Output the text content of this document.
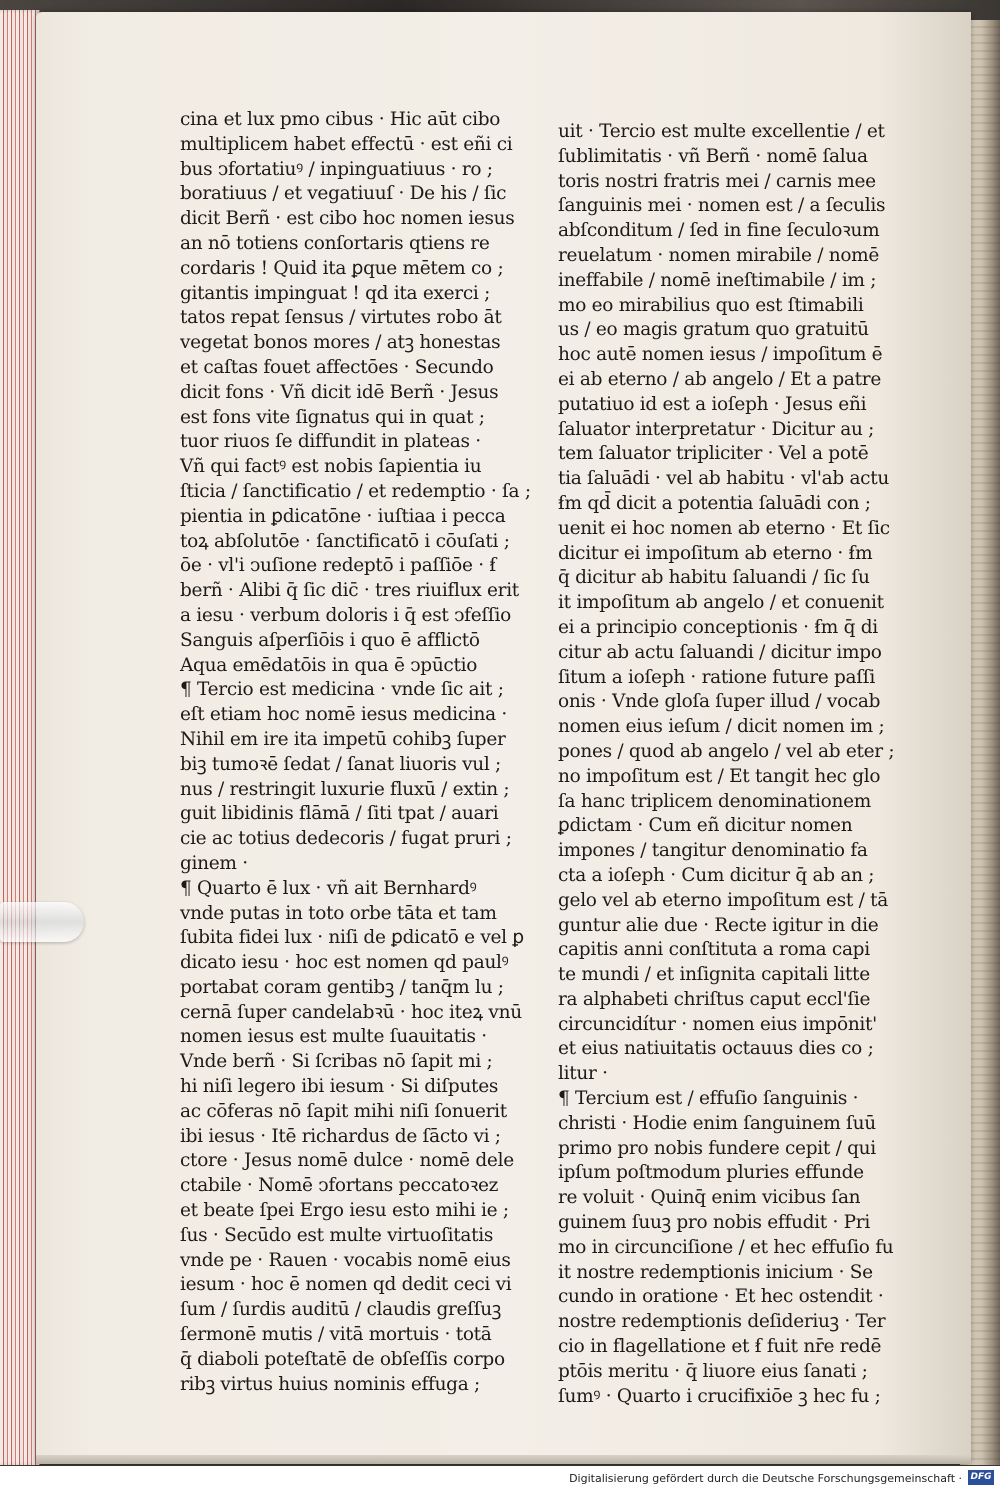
cina et lux pmo cibus · Hic aūt cibo
multiplicem habet effectū · est eñi ci
bus ↄfortatiuꝰ / inpinguatiuus · ro ;
boratiuus / et vegatiuuſ · De his / ſic
dicit Berñ · est cibo hoc nomen iesus
an nō totiens conſortaris qtiens re
cordaris ! Quid ita ꝑque mētem co ;
gitantis impinguat ! qd ita exerci ;
tatos repat ſensus / virtutes robo āt
vegetat bonos mores / atꝫ honestas
et caſtas fouet affectōes · Secundo
dicit fons · Vñ dicit idē Berñ · Jesus
est fons vite ſignatus qui in quat ;
tuor riuos ſe diffundit in plateas ·
Vñ qui factꝰ est nobis ſapientia iu
ſticia / ſanctificatio / et redemptio · ſa ;
pientia in ꝑdicatōne · iuſtiaa i pecca
toꝝ abſolutōe · ſanctificatō i cōuſati ;
ōe · vl'i ↄuſione redeptō i paſſiōe · ẜ
berñ · Alibi q̄ ſic dic̄ · tres riuiflux erit
a iesu · verbum doloris i q̄ est ↄfeſſio
Sanguis aſperſiōis i quo ē afflictō
Aqua emēdatōis in qua ē ↄpūctio
¶ Tercio est medicina · vnde ſic ait ;
eſt etiam hoc nomē iesus medicina ·
Nihil em ire ita impetū cohibꝫ ſuper
biꝫ tumoꝛē ſedat / ſanat liuoris vul ;
nus / restringit luxurie fluxū / extin ;
guit libidinis flāmā / ſiti tpat / auari
cie ac totius dedecoris / fugat pruri ;
ginem ·
¶ Quarto ē lux · vñ ait Bernhardꝰ
vnde putas in toto orbe tāta et tam
ſubita fidei lux · niſi de ꝑdicatō e vel ꝑ
dicato iesu · hoc est nomen qd paulꝰ
portabat coram gentibꝫ / tanq̄m lu ;
cernā ſuper candelabꝛū · hoc iteꝝ vnū
nomen iesus est multe ſuauitatis ·
Vnde berñ · Si ſcribas nō ſapit mi ;
hi niſi legero ibi iesum · Si diſputes
ac cōferas nō ſapit mihi niſi ſonuerit
ibi iesus · Itē richardus de ſācto vi ;
ctore · Jesus nomē dulce · nomē dele
ctabile · Nomē ↄfortans peccatoꝛez
et beate ſpei Ergo iesu esto mihi ie ;
ſus · Secūdo est multe virtuoſitatis
vnde pe · Rauen · vocabis nomē eius
iesum · hoc ē nomen qd dedit ceci vi
ſum / ſurdis auditū / claudis greſſuꝫ
ſermonē mutis / vitā mortuis · totā
q̄ diaboli poteſtatē de obſeſſis corpo
ribꝫ virtus huius nominis effuga ;
uit · Tercio est multe excellentie / et
ſublimitatis · vñ Berñ · nomē ſalua
toris nostri fratris mei / carnis mee
ſanguinis mei · nomen est / a ſeculis
abſconditum / ſed in fine ſeculoꝛum
reuelatum · nomen mirabile / nomē
ineffabile / nomē ineſtimabile / im ;
mo eo mirabilius quo est ſtimabili
us / eo magis gratum quo gratuitū
hoc autē nomen iesus / impoſitum ē
ei ab eterno / ab angelo / Et a patre
putatiuo id est a ioſeph · Jesus eñi
ſaluator interpretatur · Dicitur au ;
tem ſaluator tripliciter · Vel a potē
tia ſaluādi · vel ab habitu · vl'ab actu
ẜm qd̄ dicit a potentia ſaluādi con ;
uenit ei hoc nomen ab eterno · Et ſic
dicitur ei impoſitum ab eterno · ẜm
q̄ dicitur ab habitu ſaluandi / ſic ſu
it impoſitum ab angelo / et conuenit
ei a principio conceptionis · ẜm q̄ di
citur ab actu ſaluandi / dicitur impo
ſitum a ioſeph · ratione future paſſi
onis · Vnde gloſa ſuper illud / vocab
nomen eius ieſum / dicit nomen im ;
pones / quod ab angelo / vel ab eter ;
no impoſitum est / Et tangit hec glo
ſa hanc triplicem denominationem
ꝑdictam · Cum eñ dicitur nomen
impones / tangitur denominatio fa
cta a ioſeph · Cum dicitur q̄ ab an ;
gelo vel ab eterno impoſitum est / tā
guntur alie due · Recte igitur in die
capitis anni conſtituta a roma capi
te mundi / et inſignita capitali litte
ra alphabeti chriſtus caput eccl'ſie
circuncidítur · nomen eius impōnit'
et eius natiuitatis octauus dies co ;
litur ·
¶ Tercium est / effuſio ſanguinis ·
christi · Hodie enim ſanguinem ſuū
primo pro nobis fundere cepit / qui
ipſum poſtmodum pluries effunde
re voluit · Quinq̄ enim vicibus ſan
guinem ſuuꝫ pro nobis effudit · Pri
mo in circunciſione / et hec effuſio fu
it nostre redemptionis inicium · Se
cundo in oratione · Et hec ostendit ·
nostre redemptionis deſideriuꝫ · Ter
cio in flagellatione et ẜ fuit nr̄e redē
ptōis meritu · q̄ liuore eius ſanati ;
ſumꝰ · Quarto i crucifixiōe ꝫ hec fu ;
Digitalisierung gefördert durch die Deutsche Forschungsgemeinschaft · DFG
